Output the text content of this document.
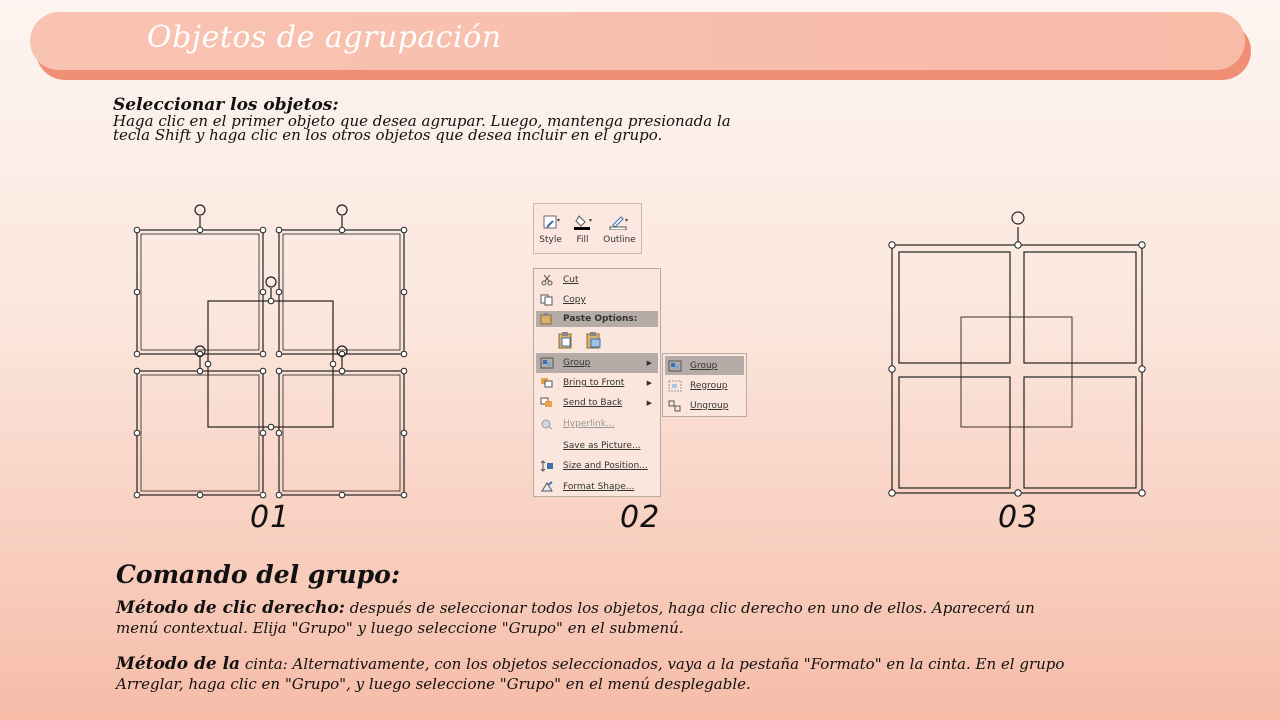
Objetos de agrupación
Seleccionar los objetos:
Haga clic en el primer objeto que desea agrupar. Luego, mantenga presionada la tecla Shift y haga clic en los otros objetos que desea incluir en el grupo.
01
▾
Style
▾
Fill
▾
Outline
Cut
Copy
Paste Options:
Group	▶
Bring to Front	▶
Send to Back	▶
Hyperlink...
Save as Picture...
Size and Position...
Format Shape...
Group
Regroup
Ungroup
02	03
Comando del grupo:
Método de clic derecho: después de seleccionar todos los objetos, haga clic derecho en uno de ellos. Aparecerá un menú contextual. Elija "Grupo" y luego seleccione "Grupo" en el submenú.
Método de la cinta: Alternativamente, con los objetos seleccionados, vaya a la pestaña "Formato" en la cinta. En el grupo Arreglar, haga clic en "Grupo", y luego seleccione "Grupo" en el menú desplegable.
